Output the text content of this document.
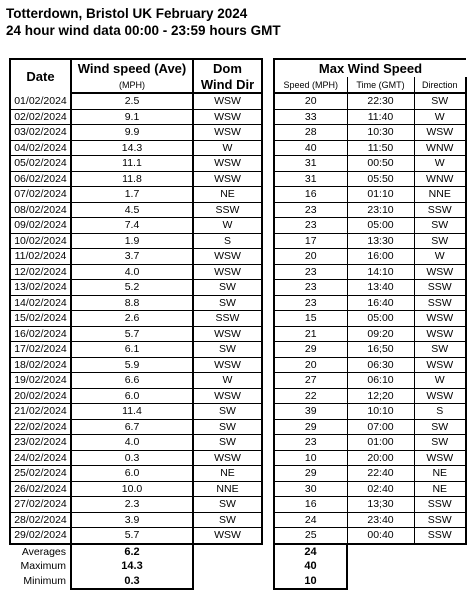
Totterdown, Bristol UK February 2024
24 hour wind data 00:00 - 23:59 hours GMT
Date	Wind speed (Ave)	Dom		Max Wind Speed		
	(MPH)	Wind Dir		Speed (MPH)	Time (GMT)	Direction
01/02/2024	2.5	WSW		20	22:30	SW
02/02/2024	9.1	WSW		33	11:40	W
03/02/2024	9.9	WSW		28	10:30	WSW
04/02/2024	14.3	W		40	11:50	WNW
05/02/2024	11.1	WSW		31	00:50	W
06/02/2024	11.8	WSW		31	05:50	WNW
07/02/2024	1.7	NE		16	01:10	NNE
08/02/2024	4.5	SSW		23	23:10	SSW
09/02/2024	7.4	W		23	05:00	SW
10/02/2024	1.9	S		17	13:30	SW
11/02/2024	3.7	WSW		20	16:00	W
12/02/2024	4.0	WSW		23	14:10	WSW
13/02/2024	5.2	SW		23	13:40	SSW
14/02/2024	8.8	SW		23	16:40	SSW
15/02/2024	2.6	SSW		15	05:00	WSW
16/02/2024	5.7	WSW		21	09:20	WSW
17/02/2024	6.1	SW		29	16;50	SW
18/02/2024	5.9	WSW		20	06:30	WSW
19/02/2024	6.6	W		27	06:10	W
20/02/2024	6.0	WSW		22	12;20	WSW
21/02/2024	11.4	SW		39	10:10	S
22/02/2024	6.7	SW		29	07:00	SW
23/02/2024	4.0	SW		23	01:00	SW
24/02/2024	0.3	WSW		10	20:00	WSW
25/02/2024	6.0	NE		29	22:40	NE
26/02/2024	10.0	NNE		30	02:40	NE
27/02/2024	2.3	SW		16	13;30	SSW
28/02/2024	3.9	SW		24	23:40	SSW
29/02/2024	5.7	WSW		25	00:40	SSW
Averages	6.2			24		
Maximum	14.3			40		
Minimum	0.3			10		
